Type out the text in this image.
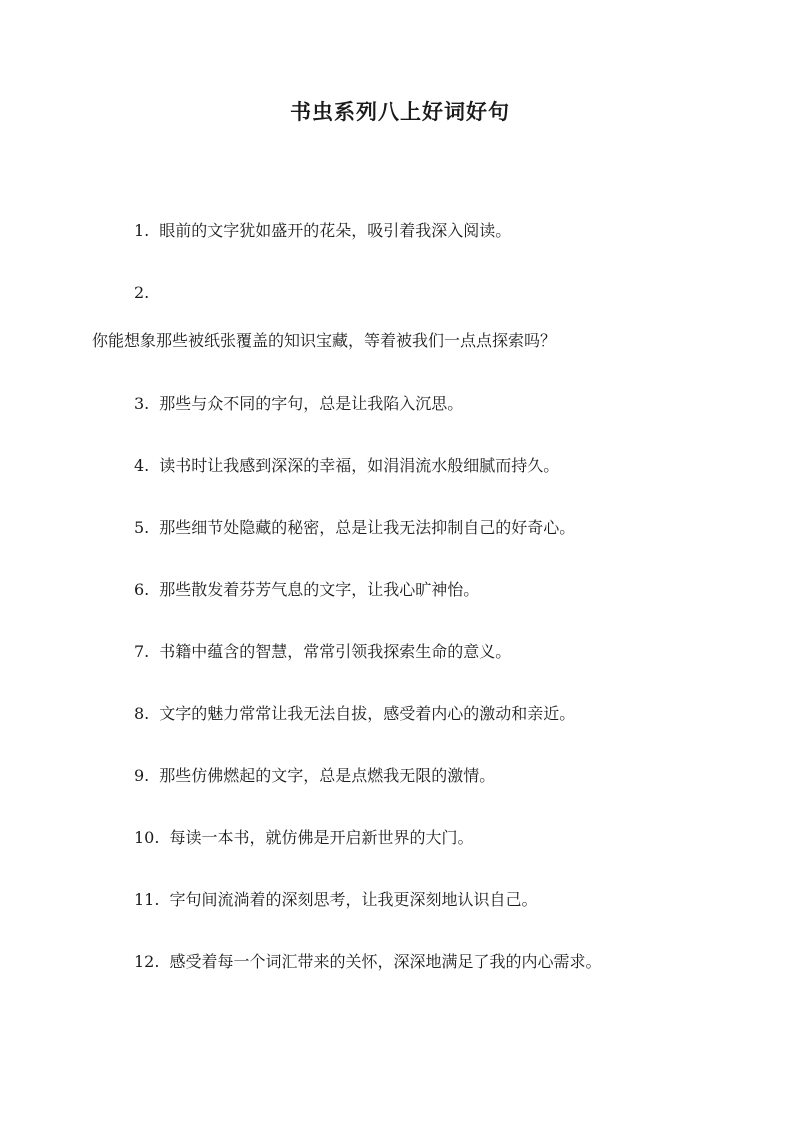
书虫系列八上好词好句

1. 眼前的文字犹如盛开的花朵，吸引着我深入阅读。

2.

你能想象那些被纸张覆盖的知识宝藏，等着被我们一点点探索吗？

3. 那些与众不同的字句，总是让我陷入沉思。

4. 读书时让我感到深深的幸福，如涓涓流水般细腻而持久。

5. 那些细节处隐藏的秘密，总是让我无法抑制自己的好奇心。

6. 那些散发着芬芳气息的文字，让我心旷神怡。

7. 书籍中蕴含的智慧，常常引领我探索生命的意义。

8. 文字的魅力常常让我无法自拔，感受着内心的激动和亲近。

9. 那些仿佛燃起的文字，总是点燃我无限的激情。

10. 每读一本书，就仿佛是开启新世界的大门。

11. 字句间流淌着的深刻思考，让我更深刻地认识自己。

12. 感受着每一个词汇带来的关怀，深深地满足了我的内心需求。
